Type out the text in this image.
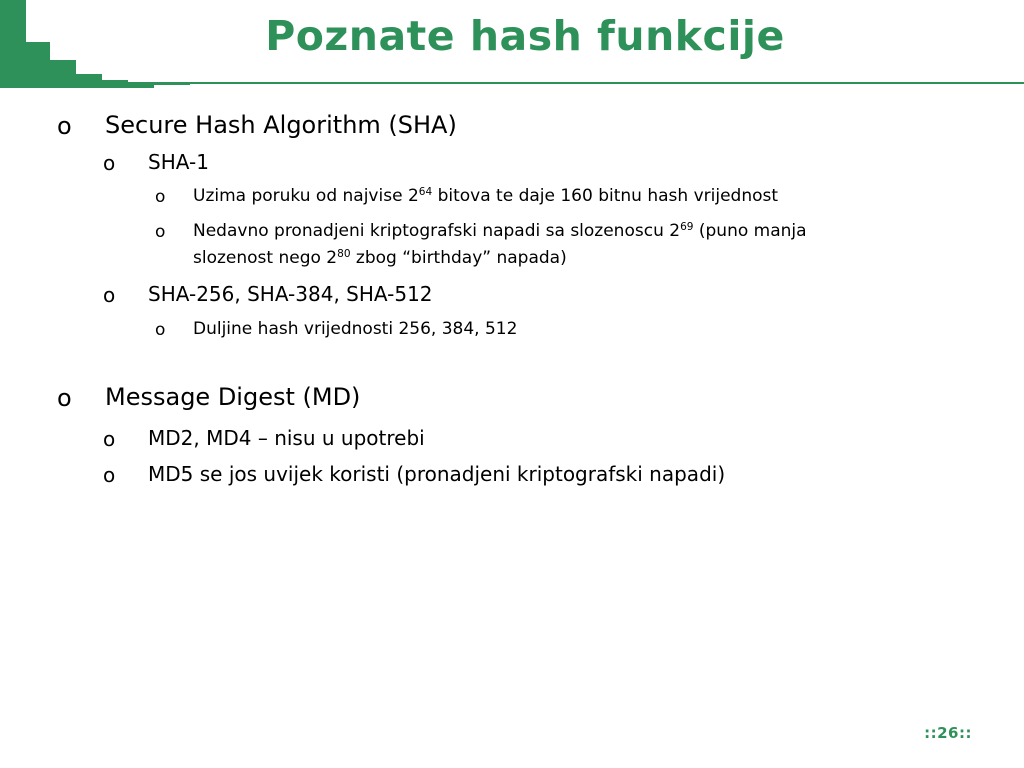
Poznate hash funkcije
o Secure Hash Algorithm (SHA)
o SHA-1
o Uzima poruku od najvise $2^{64}$ bitova te daje 160 bitnu hash vrijednost
o Nedavno pronadjeni kriptografski napadi sa slozenoscu $2^{69}$ (puno manja
slozenost nego $2^{80}$ zbog “birthday” napada)
o SHA-256, SHA-384, SHA-512
o Duljine hash vrijednosti 256, 384, 512
o Message Digest (MD)
o MD2, MD4 – nisu u upotrebi
o MD5 se jos uvijek koristi (pronadjeni kriptografski napadi)
::26::
